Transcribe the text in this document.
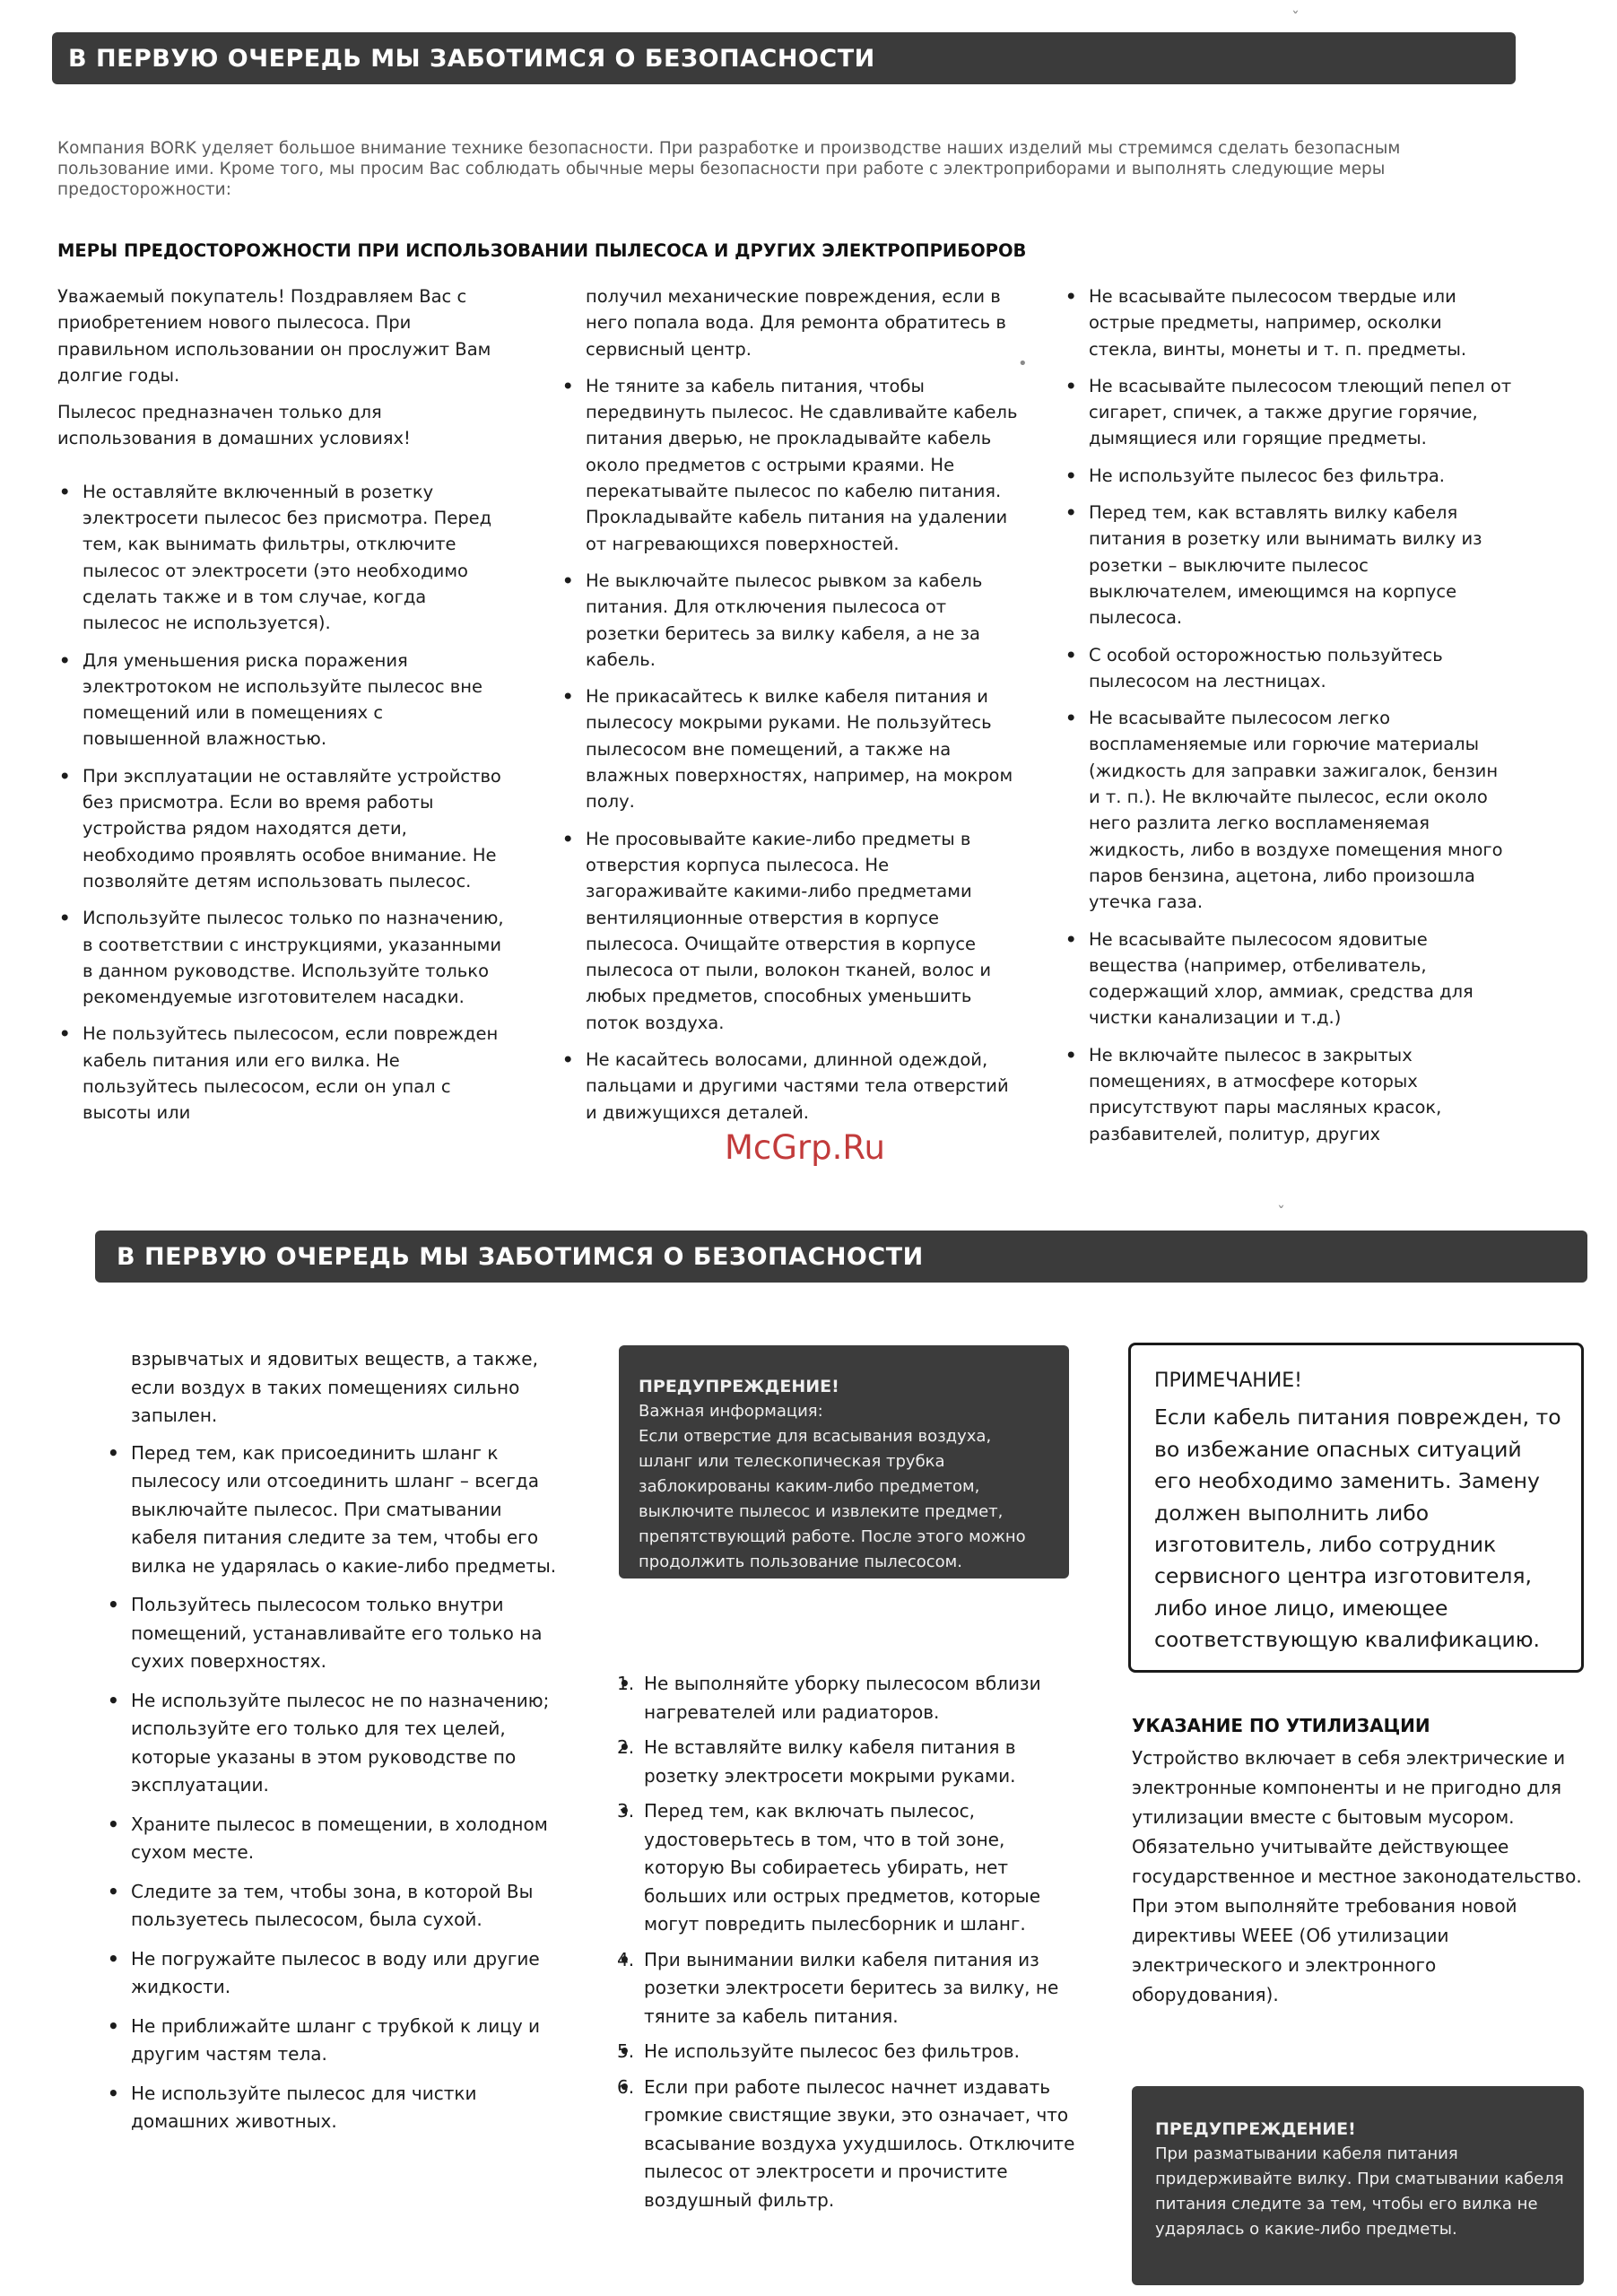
ˇ
•
ˇ
В ПЕРВУЮ ОЧЕРЕДЬ МЫ ЗАБОТИМСЯ О БЕЗОПАСНОСТИ
Компания BORK уделяет большое внимание технике безопасности. При разработке и производстве наших изделий мы стремимся сделать безопасным пользование ими. Кроме того, мы просим Вас соблюдать обычные меры безопасности при работе с электроприборами и выполнять следующие меры предосторожности:
МЕРЫ ПРЕДОСТОРОЖНОСТИ ПРИ ИСПОЛЬЗОВАНИИ ПЫЛЕСОСА И ДРУГИХ ЭЛЕКТРОПРИБОРОВ

Уважаемый покупатель! Поздравляем Вас с приобретением нового пылесоса. При правильном использовании он прослужит Вам долгие годы.

Пылесос предназначен только для использования в домашних условиях!

• Не оставляйте включенный в розетку электросети пылесос без присмотра. Перед тем, как вынимать фильтры, отключите пылесос от электросети (это необходимо сделать также и в том случае, когда пылесос не используется).
• Для уменьшения риска поражения электротоком не используйте пылесос вне помещений или в помещениях с повышенной влажностью.
• При эксплуатации не оставляйте устройство без присмотра. Если во время работы устройства рядом находятся дети, необходимо проявлять особое внимание. Не позволяйте детям использовать пылесос.
• Используйте пылесос только по назначению, в соответствии с инструкциями, указанными в данном руководстве. Используйте только рекомендуемые изготовителем насадки.
• Не пользуйтесь пылесосом, если поврежден кабель питания или его вилка. Не пользуйтесь пылесосом, если он упал с высоты или

получил механические повреждения, если в него попала вода. Для ремонта обратитесь в сервисный центр.

• Не тяните за кабель питания, чтобы передвинуть пылесос. Не сдавливайте кабель питания дверью, не прокладывайте кабель около предметов с острыми краями. Не перекатывайте пылесос по кабелю питания. Прокладывайте кабель питания на удалении от нагревающихся поверхностей.
• Не выключайте пылесос рывком за кабель питания. Для отключения пылесоса от розетки беритесь за вилку кабеля, а не за кабель.
• Не прикасайтесь к вилке кабеля питания и пылесосу мокрыми руками. Не пользуйтесь пылесосом вне помещений, а также на влажных поверхностях, например, на мокром полу.
• Не просовывайте какие-либо предметы в отверстия корпуса пылесоса. Не загораживайте какими-либо предметами вентиляционные отверстия в корпусе пылесоса. Очищайте отверстия в корпусе пылесоса от пыли, волокон тканей, волос и любых предметов, способных уменьшить поток воздуха.
• Не касайтесь волосами, длинной одеждой, пальцами и другими частями тела отверстий и движущихся деталей.
• Не всасывайте пылесосом твердые или острые предметы, например, осколки стекла, винты, монеты и т. п. предметы.
• Не всасывайте пылесосом тлеющий пепел от сигарет, спичек, а также другие горячие, дымящиеся или горящие предметы.
• Не используйте пылесос без фильтра.
• Перед тем, как вставлять вилку кабеля питания в розетку или вынимать вилку из розетки – выключите пылесос выключателем, имеющимся на корпусе пылесоса.
• С особой осторожностью пользуйтесь пылесосом на лестницах.
• Не всасывайте пылесосом легко воспламеняемые или горючие материалы (жидкость для заправки зажигалок, бензин и т. п.). Не включайте пылесос, если около него разлита легко воспламеняемая жидкость, либо в воздухе помещения много паров бензина, ацетона, либо произошла утечка газа.
• Не всасывайте пылесосом ядовитые вещества (например, отбеливатель, содержащий хлор, аммиак, средства для чистки канализации и т.д.)
• Не включайте пылесос в закрытых помещениях, в атмосфере которых присутствуют пары масляных красок, разбавителей, политур, других
McGrp.Ru
В ПЕРВУЮ ОЧЕРЕДЬ МЫ ЗАБОТИМСЯ О БЕЗОПАСНОСТИ

взрывчатых и ядовитых веществ, а также, если воздух в таких помещениях сильно запылен.

• Перед тем, как присоединить шланг к пылесосу или отсоединить шланг – всегда выключайте пылесос. При сматывании кабеля питания следите за тем, чтобы его вилка не ударялась о какие-либо предметы.
• Пользуйтесь пылесосом только внутри помещений, устанавливайте его только на сухих поверхностях.
• Не используйте пылесос не по назначению; используйте его только для тех целей, которые указаны в этом руководстве по эксплуатации.
• Храните пылесос в помещении, в холодном сухом месте.
• Следите за тем, чтобы зона, в которой Вы пользуетесь пылесосом, была сухой.
• Не погружайте пылесос в воду или другие жидкости.
• Не приближайте шланг с трубкой к лицу и другим частям тела.
• Не используйте пылесос для чистки домашних животных.
ПРЕДУПРЕЖДЕНИЕ!
Важная информация:
Если отверстие для всасывания воздуха, шланг или телескопическая трубка заблокированы каким-либо предметом, выключите пылесос и извлеките предмет, препятствующий работе. После этого можно продолжить пользование пылесосом.
ПРИМЕЧАНИЕ!
Если кабель питания поврежден, то во избежание опасных ситуаций его необходимо заменить. Замену должен выполнить либо изготовитель, либо сотрудник сервисного центра изготовителя, либо иное лицо, имеющее соответствующую квалификацию.
• 1. Не выполняйте уборку пылесосом вблизи нагревателей или радиаторов.
• 2. Не вставляйте вилку кабеля питания в розетку электросети мокрыми руками.
• 3. Перед тем, как включать пылесос, удостоверьтесь в том, что в той зоне, которую Вы собираетесь убирать, нет больших или острых предметов, которые могут повредить пылесборник и шланг.
• 4. При вынимании вилки кабеля питания из розетки электросети беритесь за вилку, не тяните за кабель питания.
• 5. Не используйте пылесос без фильтров.
• 6. Если при работе пылесос начнет издавать громкие свистящие звуки, это означает, что всасывание воздуха ухудшилось. Отключите пылесос от электросети и прочистите воздушный фильтр.
УКАЗАНИЕ ПО УТИЛИЗАЦИИ
Устройство включает в себя электрические и электронные компоненты и не пригодно для утилизации вместе с бытовым мусором. Обязательно учитывайте действующее государственное и местное законодательство. При этом выполняйте требования новой директивы WEEE (Об утилизации электрического и электронного оборудования).
ПРЕДУПРЕЖДЕНИЕ!
При разматывании кабеля питания придерживайте вилку. При сматывании кабеля питания следите за тем, чтобы его вилка не ударялась о какие-либо предметы.
